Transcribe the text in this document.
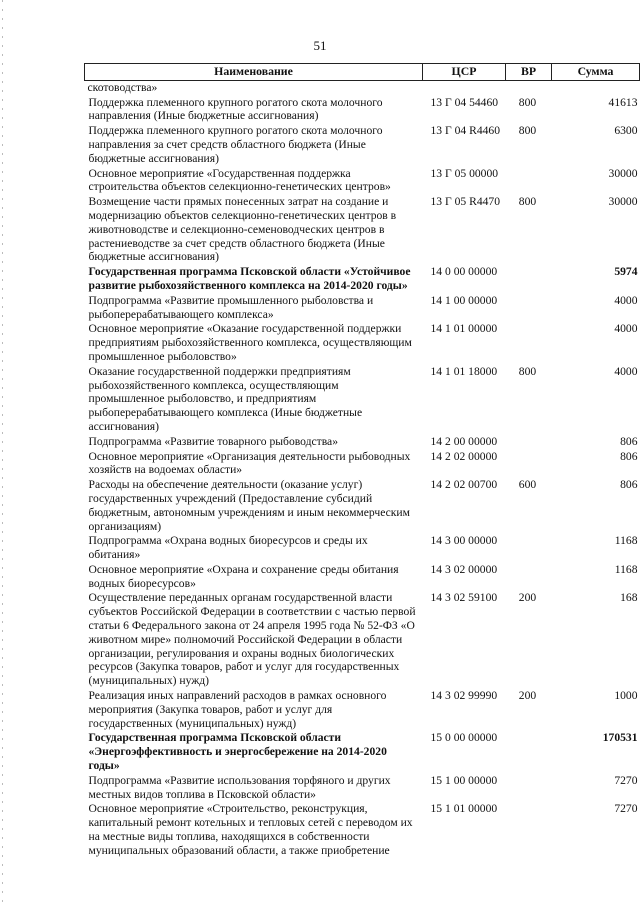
51
Наименование	ЦСР	ВР	Сумма
скотоводства»			
Поддержка племенного крупного рогатого скота молочного направления (Иные бюджетные ассигнования)	13 Г 04 54460	800	41613
Поддержка племенного крупного рогатого скота молочного направления за счет средств областного бюджета (Иные бюджетные ассигнования)	13 Г 04 R4460	800	6300
Основное мероприятие «Государственная поддержка строительства объектов селекционно-генетических центров»	13 Г 05 00000		30000
Возмещение части прямых понесенных затрат на создание и модернизацию объектов селекционно-генетических центров в животноводстве и селекционно-семеноводческих центров в растениеводстве за счет средств областного бюджета (Иные бюджетные ассигнования)	13 Г 05 R4470	800	30000
Государственная программа Псковской области «Устойчивое развитие рыбохозяйственного комплекса на 2014-2020 годы»	14 0 00 00000		5974
Подпрограмма «Развитие промышленного рыболовства и рыбоперерабатывающего комплекса»	14 1 00 00000		4000
Основное мероприятие «Оказание государственной поддержки предприятиям рыбохозяйственного комплекса, осуществляющим промышленное рыболовство»	14 1 01 00000		4000
Оказание государственной поддержки предприятиям рыбохозяйственного комплекса, осуществляющим промышленное рыболовство, и предприятиям рыбоперерабатывающего комплекса (Иные бюджетные ассигнования)	14 1 01 18000	800	4000
Подпрограмма «Развитие товарного рыбоводства»	14 2 00 00000		806
Основное мероприятие «Организация деятельности рыбоводных хозяйств на водоемах области»	14 2 02 00000		806
Расходы на обеспечение деятельности (оказание услуг) государственных учреждений (Предоставление субсидий бюджетным, автономным учреждениям и иным некоммерческим организациям)	14 2 02 00700	600	806
Подпрограмма «Охрана водных биоресурсов и среды их обитания»	14 3 00 00000		1168
Основное мероприятие «Охрана и сохранение среды обитания водных биоресурсов»	14 3 02 00000		1168
Осуществление переданных органам государственной власти субъектов Российской Федерации в соответствии с частью первой статьи 6 Федерального закона от 24 апреля 1995 года № 52-ФЗ «О животном мире» полномочий Российской Федерации в области организации, регулирования и охраны водных биологических ресурсов (Закупка товаров, работ и услуг для государственных (муниципальных) нужд)	14 3 02 59100	200	168
Реализация иных направлений расходов в рамках основного мероприятия (Закупка товаров, работ и услуг для государственных (муниципальных) нужд)	14 3 02 99990	200	1000
Государственная программа Псковской области «Энергоэффективность и энергосбережение на 2014-2020 годы»	15 0 00 00000		170531
Подпрограмма «Развитие использования торфяного и других местных видов топлива в Псковской области»	15 1 00 00000		7270
Основное мероприятие «Строительство, реконструкция, капитальный ремонт котельных и тепловых сетей с переводом их на местные виды топлива, находящихся в собственности муниципальных образований области, а также приобретение	15 1 01 00000		7270
